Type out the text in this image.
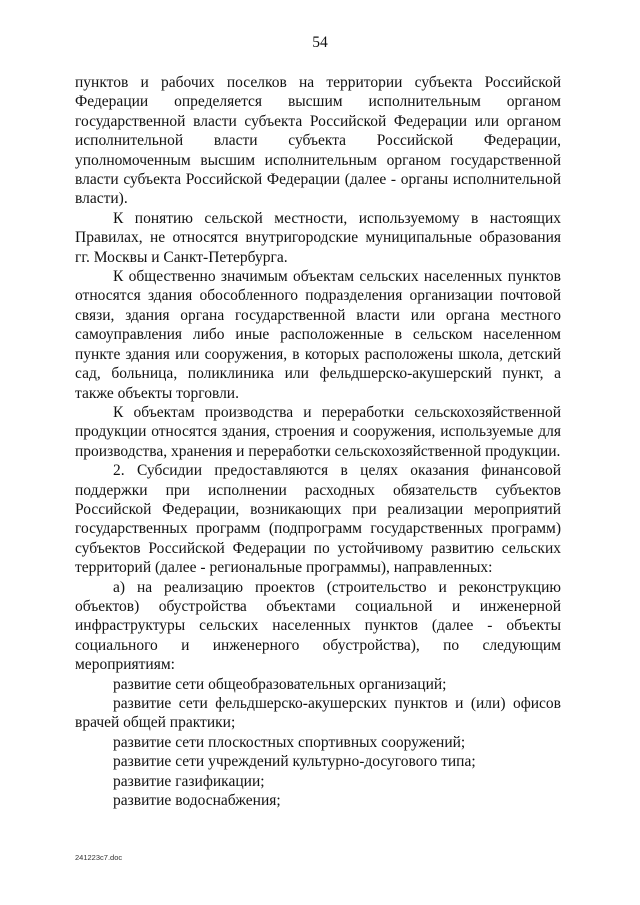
54

пунктов и рабочих поселков на территории субъекта Российской Федерации определяется высшим исполнительным органом государственной власти субъекта Российской Федерации или органом исполнительной власти субъекта Российской Федерации, уполномоченным высшим исполнительным органом государственной власти субъекта Российской Федерации (далее - органы исполнительной власти).

К понятию сельской местности, используемому в настоящих Правилах, не относятся внутригородские муниципальные образования гг. Москвы и Санкт-Петербурга.

К общественно значимым объектам сельских населенных пунктов относятся здания обособленного подразделения организации почтовой связи, здания органа государственной власти или органа местного самоуправления либо иные расположенные в сельском населенном пункте здания или сооружения, в которых расположены школа, детский сад, больница, поликлиника или фельдшерско-акушерский пункт, а также объекты торговли.

К объектам производства и переработки сельскохозяйственной продукции относятся здания, строения и сооружения, используемые для производства, хранения и переработки сельскохозяйственной продукции.

2. Субсидии предоставляются в целях оказания финансовой поддержки при исполнении расходных обязательств субъектов Российской Федерации, возникающих при реализации мероприятий государственных программ (подпрограмм государственных программ) субъектов Российской Федерации по устойчивому развитию сельских территорий (далее - региональные программы), направленных:

а) на реализацию проектов (строительство и реконструкцию объектов) обустройства объектами социальной и инженерной инфраструктуры сельских населенных пунктов (далее - объекты социального и инженерного обустройства), по следующим мероприятиям:

развитие сети общеобразовательных организаций;

развитие сети фельдшерско-акушерских пунктов и (или) офисов врачей общей практики;

развитие сети плоскостных спортивных сооружений;

развитие сети учреждений культурно-досугового типа;

развитие газификации;

развитие водоснабжения;

241223c7.doc
